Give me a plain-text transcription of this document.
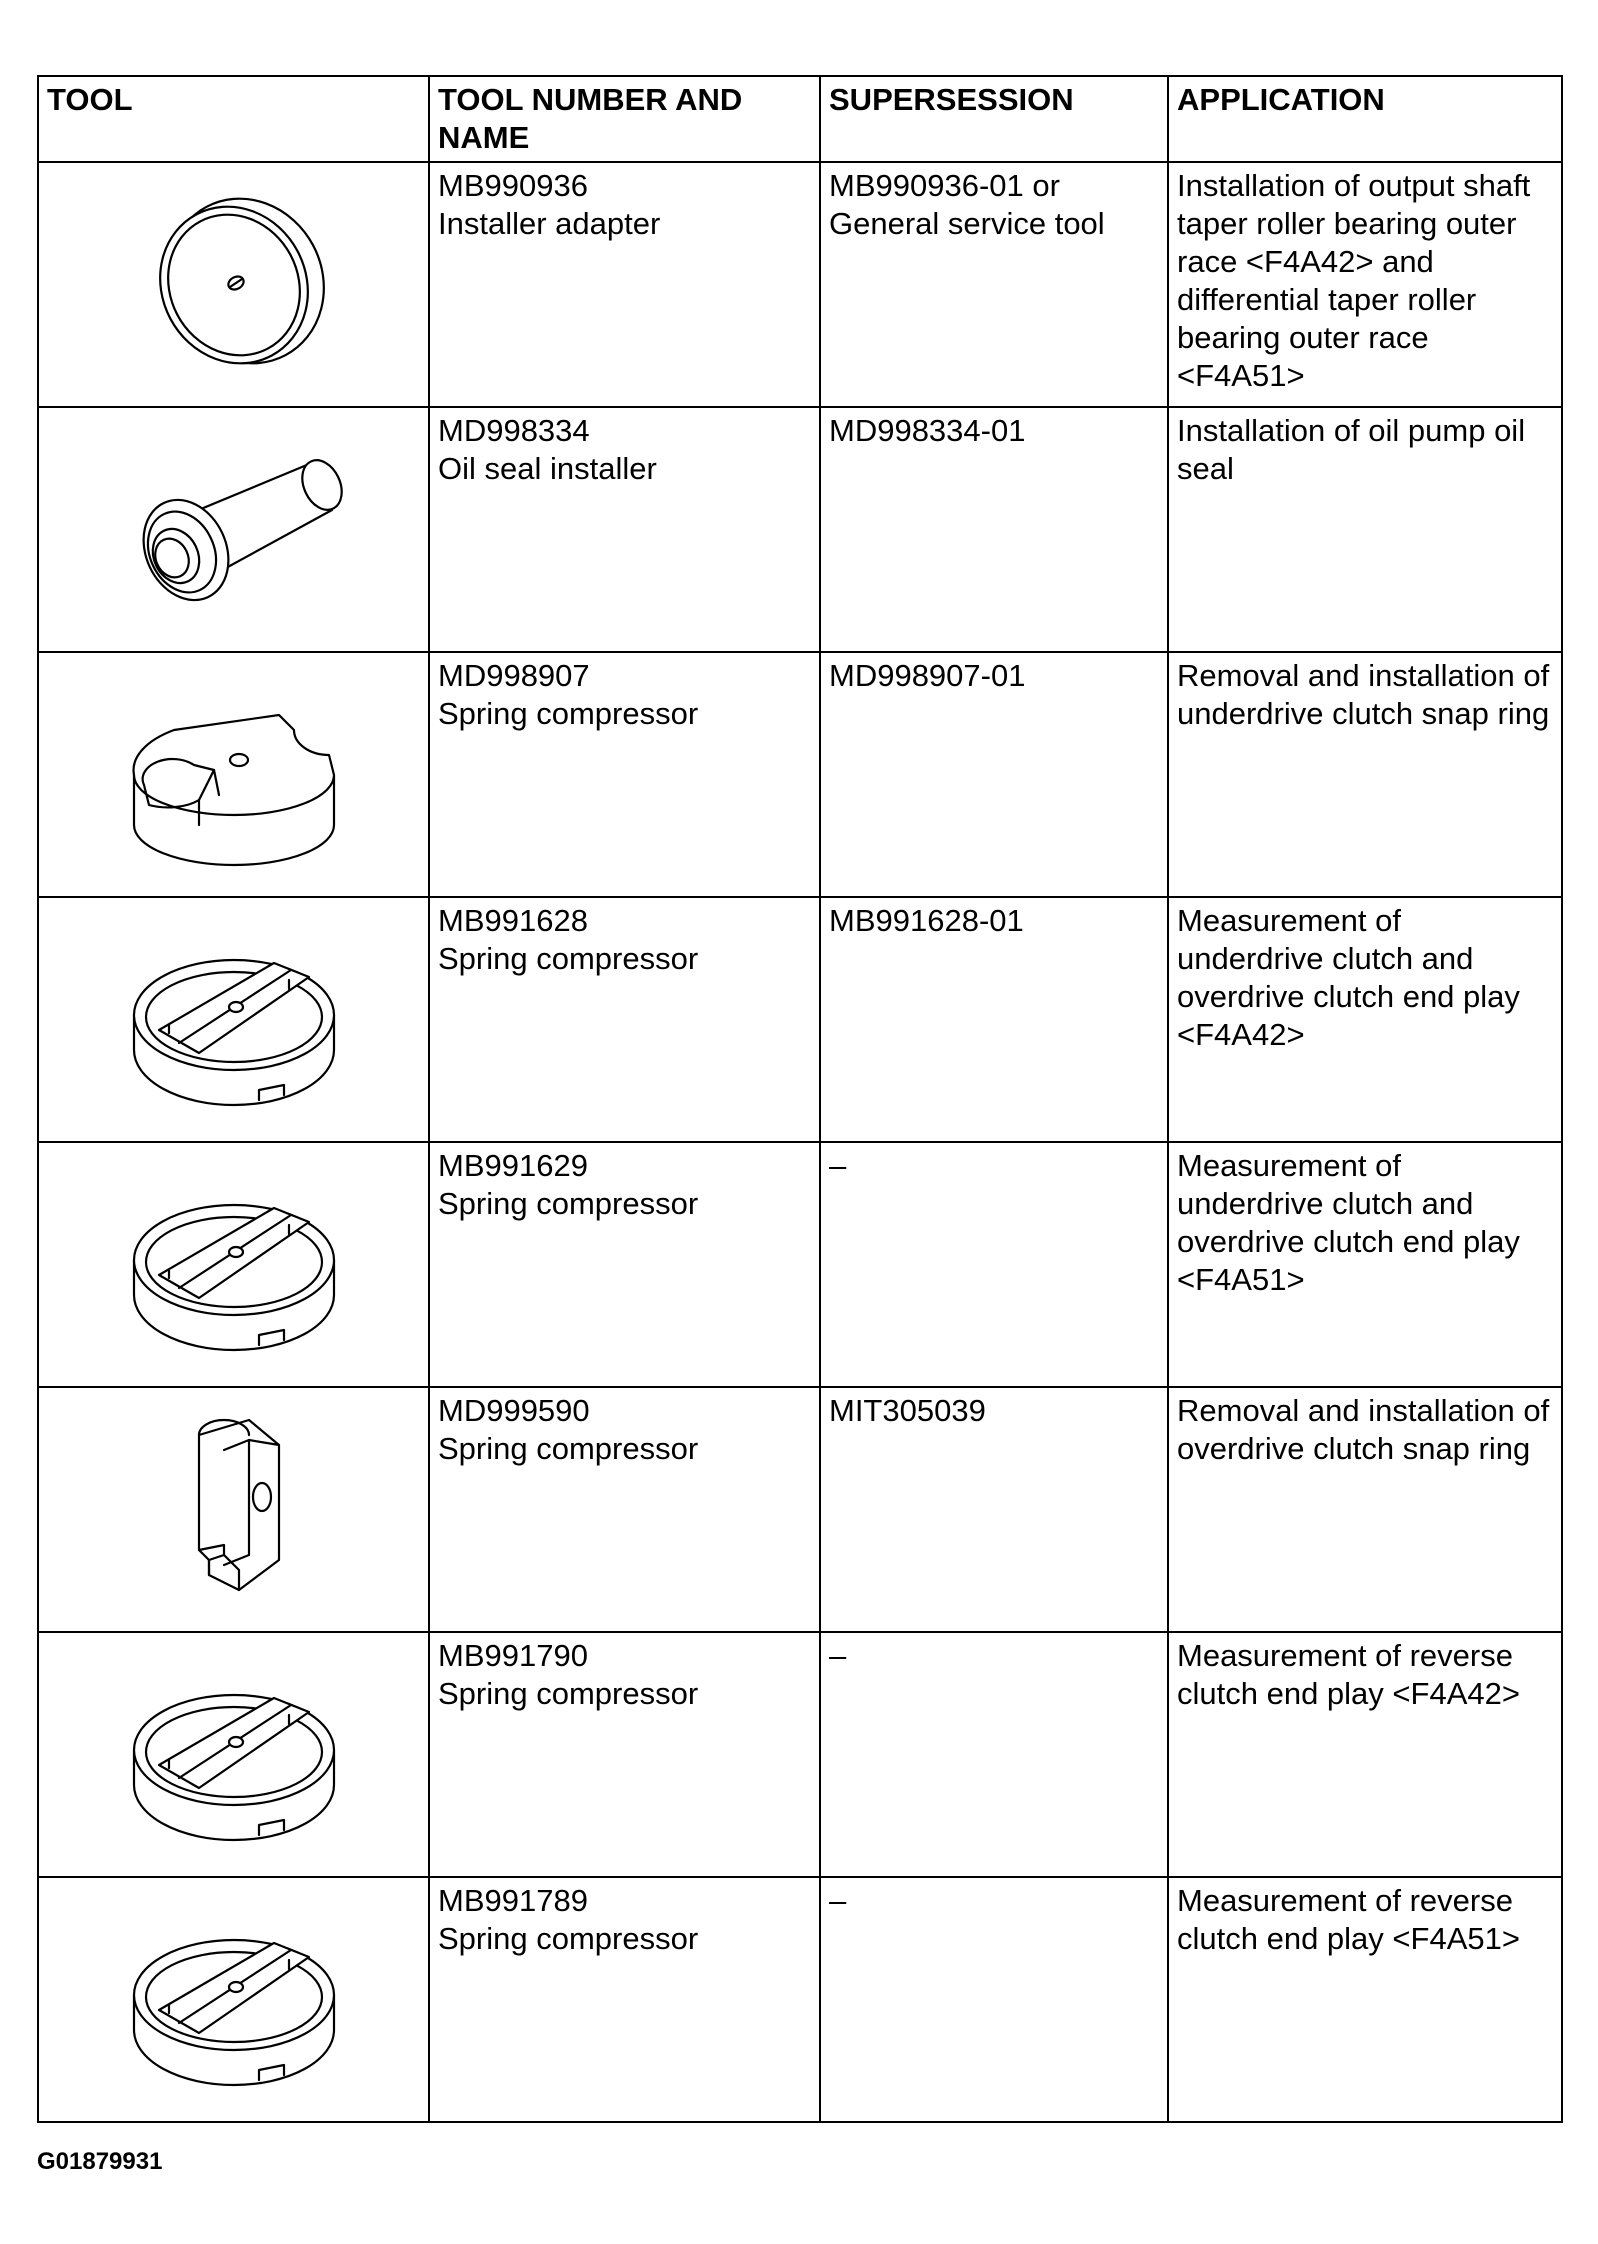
TOOL	TOOL NUMBER AND NAME	SUPERSESSION	APPLICATION

MB990936
Installer adapter	MB990936-01 or General service tool	Installation of output shaft taper roller bearing outer race <F4A42> and differential taper roller bearing outer race <F4A51>

MD998334
Oil seal installer	MD998334-01	Installation of oil pump oil seal

MD998907
Spring compressor	MD998907-01	Removal and installation of underdrive clutch snap ring

MB991628
Spring compressor	MB991628-01	Measurement of underdrive clutch and overdrive clutch end play <F4A42>

MB991629
Spring compressor	–	Measurement of underdrive clutch and overdrive clutch end play <F4A51>

MD999590
Spring compressor	MIT305039	Removal and installation of overdrive clutch snap ring

MB991790
Spring compressor	–	Measurement of reverse clutch end play <F4A42>

MB991789
Spring compressor	–	Measurement of reverse clutch end play <F4A51>
G01879931
